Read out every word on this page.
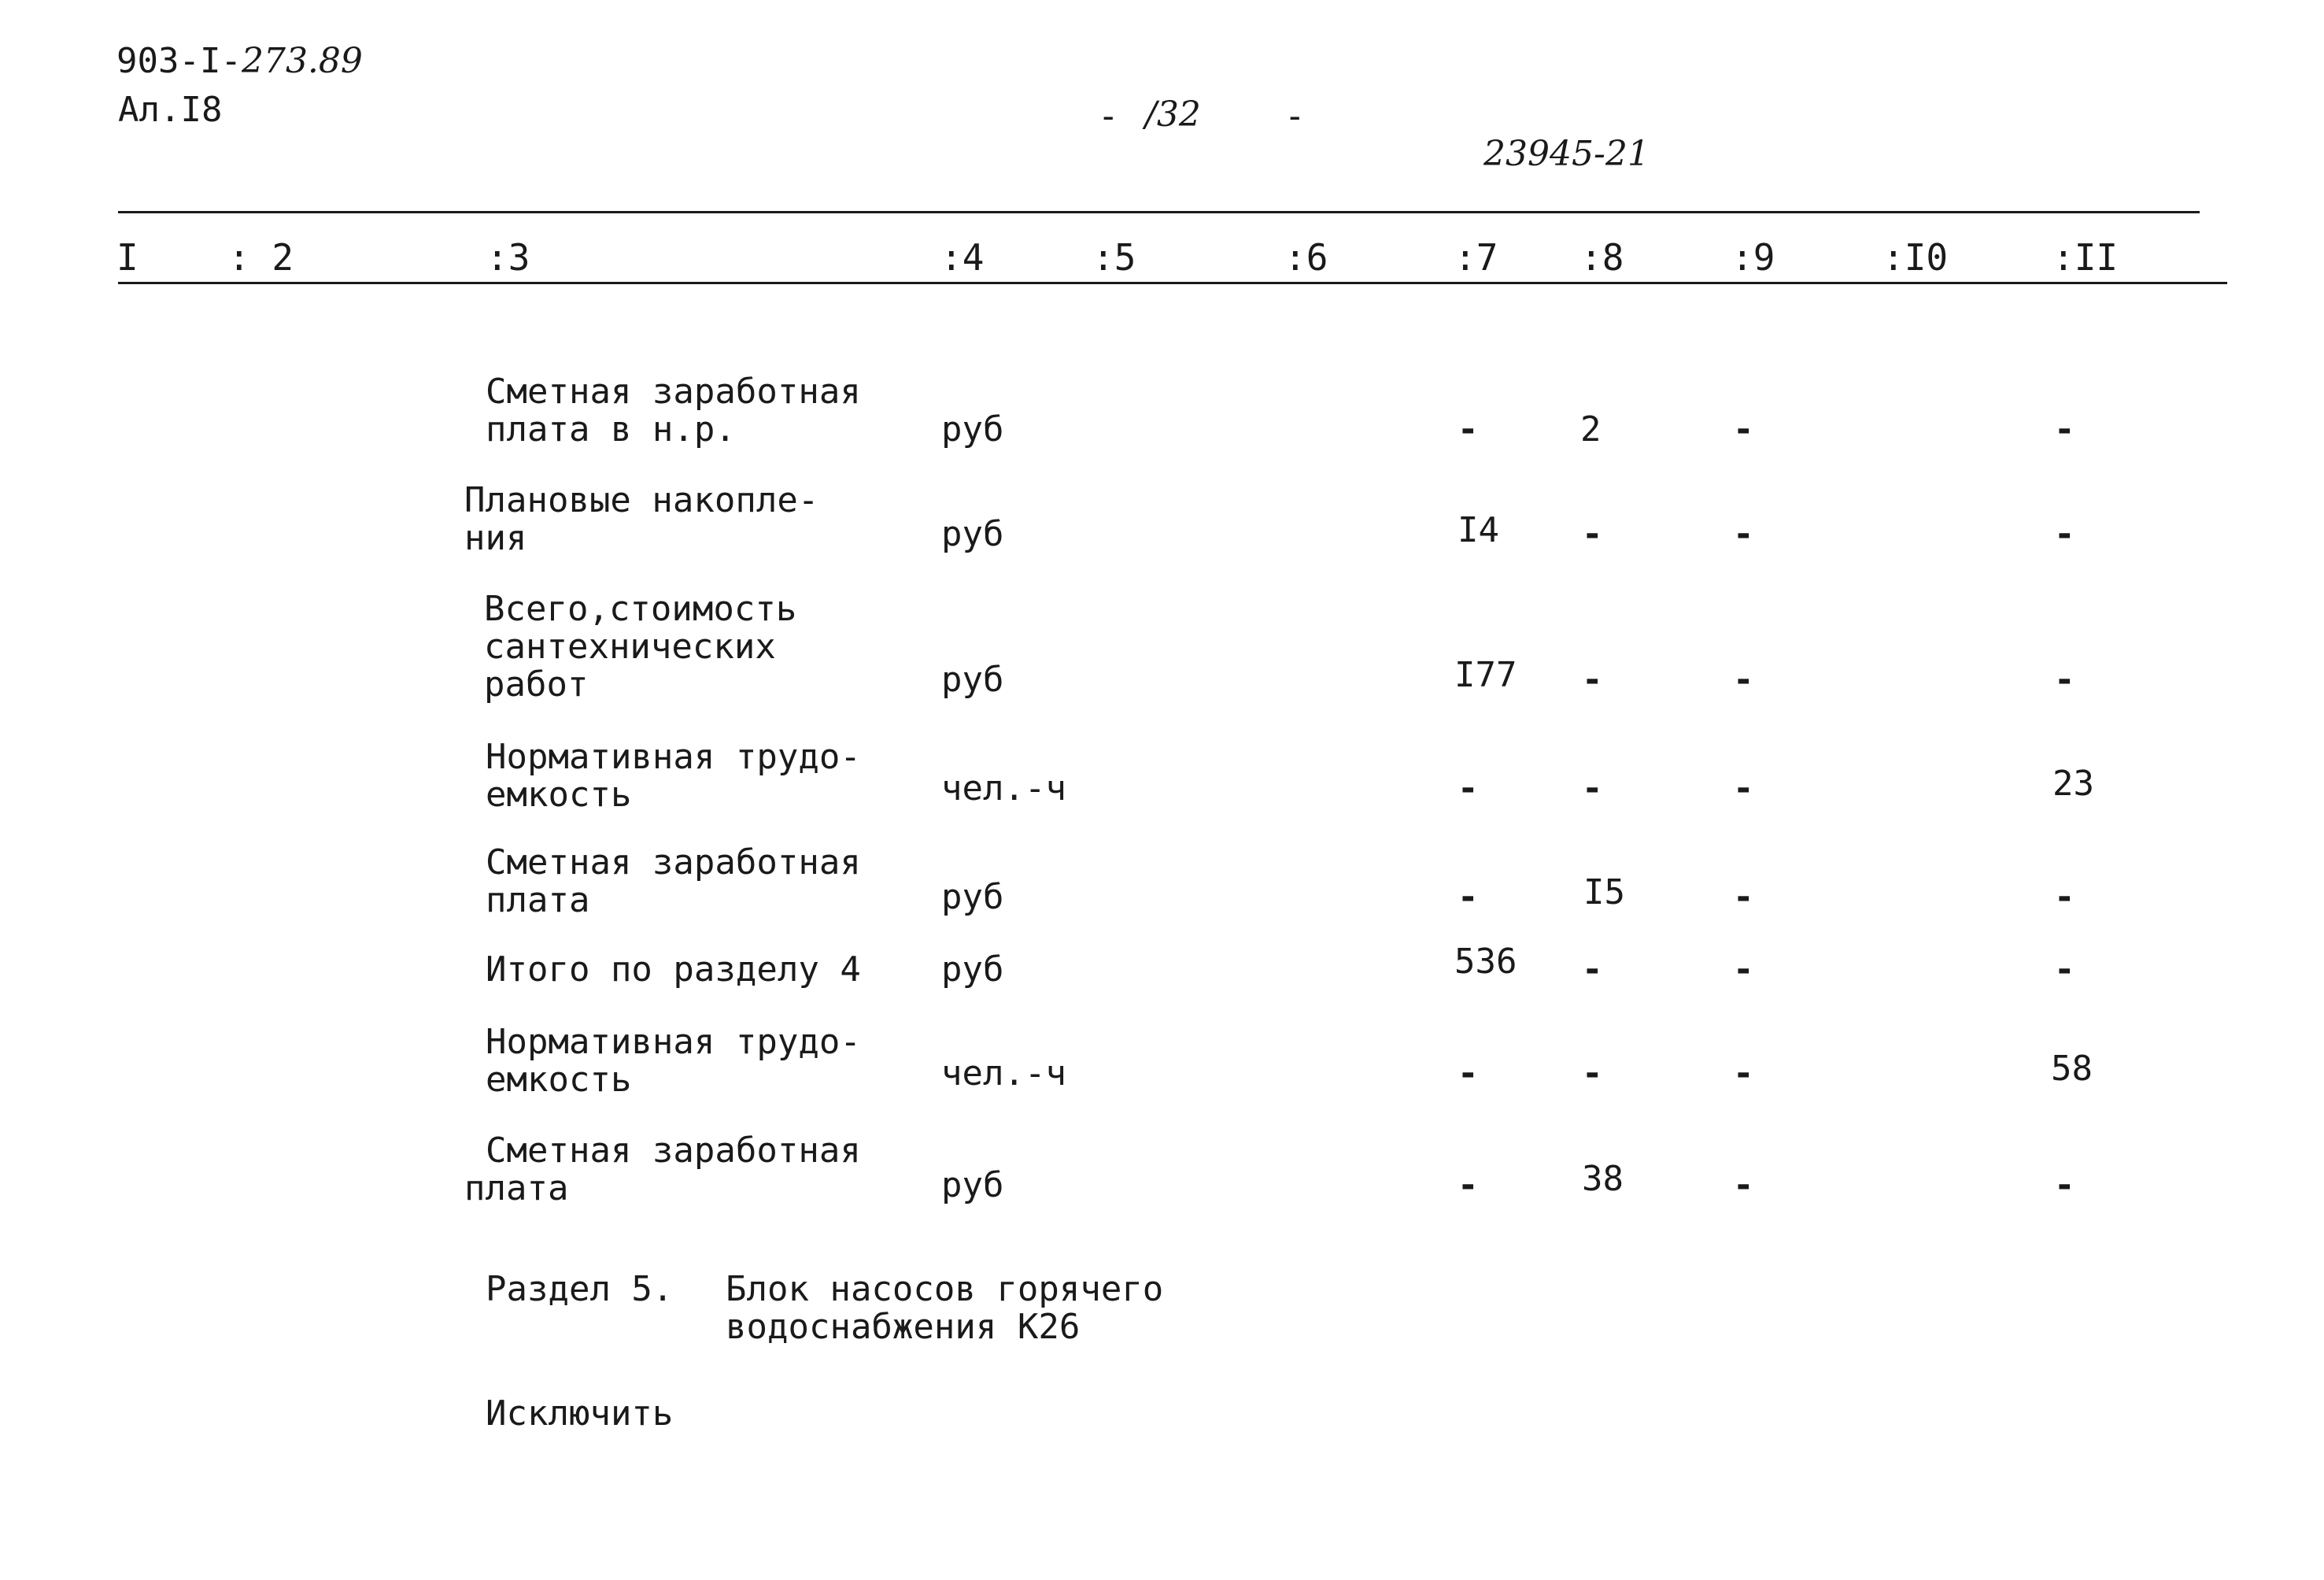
903-I-273.89
Ал.I8	- /32 -
23945-21
I : 2	:3	:4	:5	:6	:7 :8	:9	:I0	:II
Сметная заработная
плата в н.р.	руб	-	2	-	-
Плановые накопле-
ния	руб	I4 -	-	-
Всего,стоимость
сантехнических
работ	руб	I77 -	-	-
Нормативная трудо-
емкость	чел.-ч	-	-	-	23
Сметная заработная
плата	руб	-	I5	-	-
Итого по разделу 4 руб	536 -	-	-
Нормативная трудо-
емкость	чел.-ч	-	-	-	58
Сметная заработная
плата	руб	-	38	-	-
Раздел 5. Блок насосов горячего
водоснабжения К26
Исключить
